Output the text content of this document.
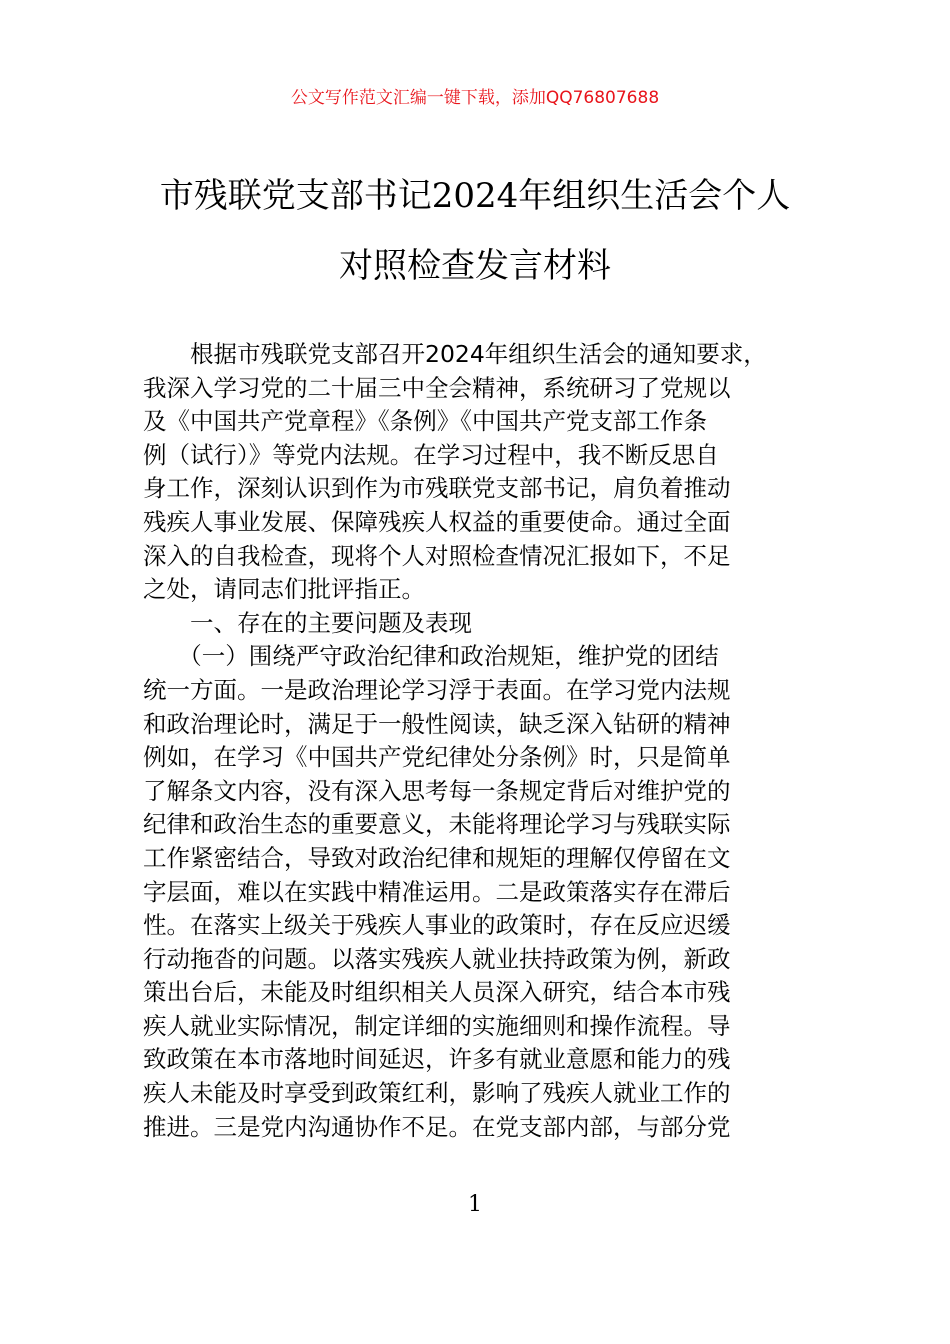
公文写作范文汇编一键下载，添加QQ76807688
市残联党支部书记2024年组织生活会个人
对照检查发言材料
　　根据市残联党支部召开2024年组织生活会的通知要求，
我深入学习党的二十届三中全会精神，系统研习了党规以
及《中国共产党章程》《条例》《中国共产党支部工作条
例（试行）》等党内法规。在学习过程中，我不断反思自
身工作，深刻认识到作为市残联党支部书记，肩负着推动
残疾人事业发展、保障残疾人权益的重要使命。通过全面
深入的自我检查，现将个人对照检查情况汇报如下，不足
之处，请同志们批评指正。
　　一、存在的主要问题及表现
　　（一）围绕严守政治纪律和政治规矩，维护党的团结
统一方面。一是政治理论学习浮于表面。在学习党内法规
和政治理论时，满足于一般性阅读，缺乏深入钻研的精神
例如，在学习《中国共产党纪律处分条例》时，只是简单
了解条文内容，没有深入思考每一条规定背后对维护党的
纪律和政治生态的重要意义，未能将理论学习与残联实际
工作紧密结合，导致对政治纪律和规矩的理解仅停留在文
字层面，难以在实践中精准运用。二是政策落实存在滞后
性。在落实上级关于残疾人事业的政策时，存在反应迟缓
行动拖沓的问题。以落实残疾人就业扶持政策为例，新政
策出台后，未能及时组织相关人员深入研究，结合本市残
疾人就业实际情况，制定详细的实施细则和操作流程。导
致政策在本市落地时间延迟，许多有就业意愿和能力的残
疾人未能及时享受到政策红利，影响了残疾人就业工作的
推进。三是党内沟通协作不足。在党支部内部，与部分党
1
